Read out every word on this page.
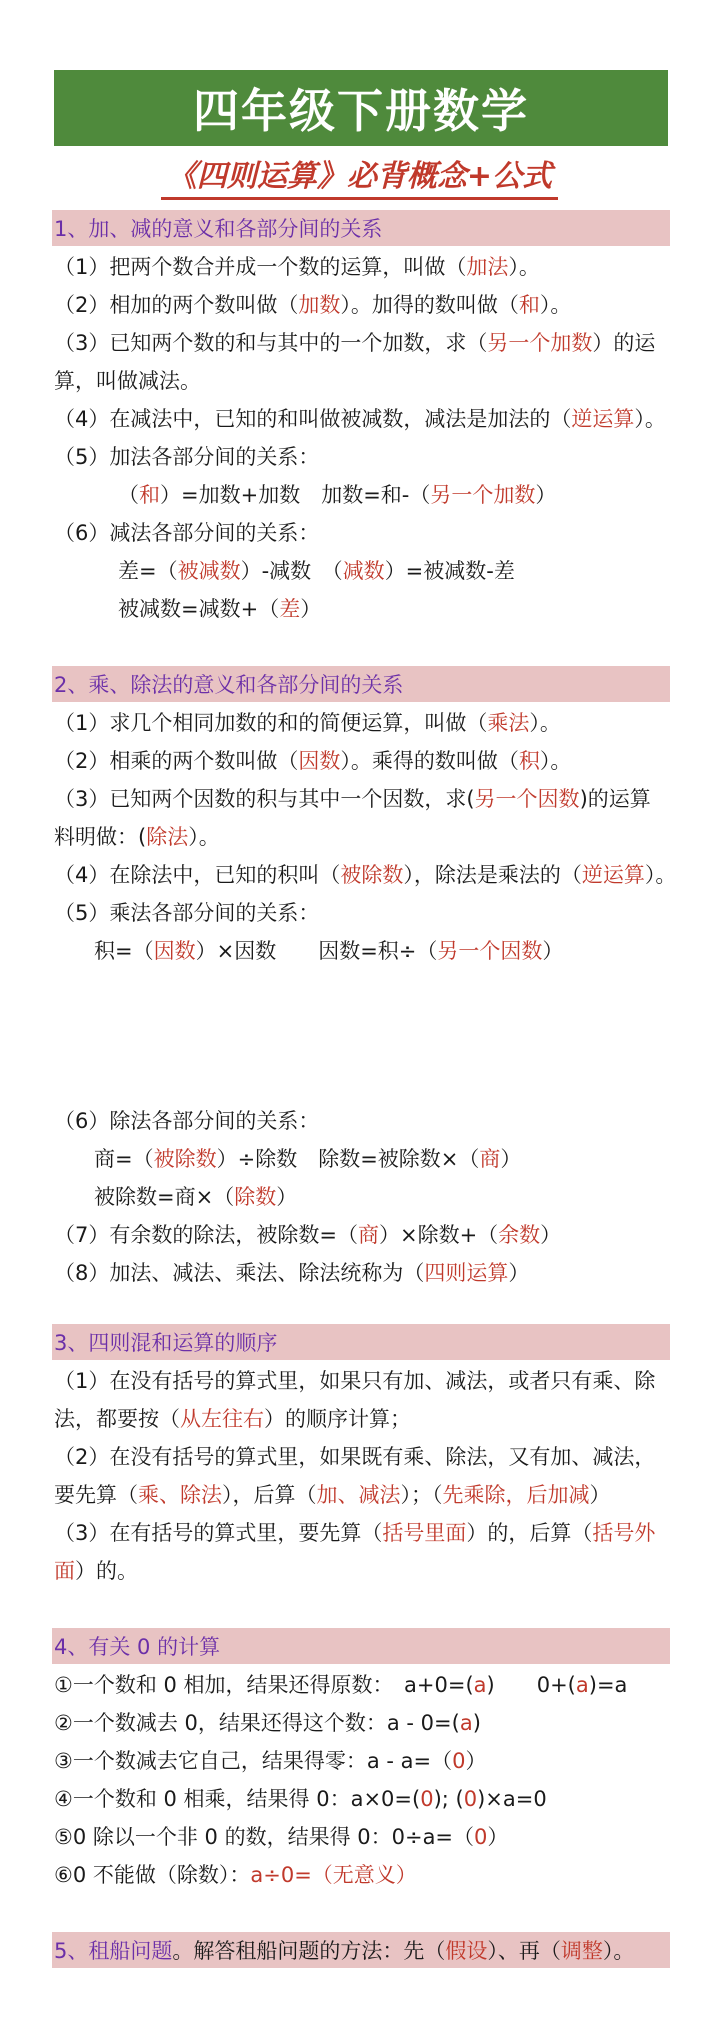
四年级下册数学
《四则运算》必背概念+公式
1、加、减的意义和各部分间的关系
（1）把两个数合并成一个数的运算，叫做（加法）。
（2）相加的两个数叫做（加数）。加得的数叫做（和）。
（3）已知两个数的和与其中的一个加数，求（另一个加数）的运
算，叫做减法。
（4）在减法中，已知的和叫做被减数，减法是加法的（逆运算）。
（5）加法各部分间的关系：
（和）=加数+加数　加数=和-（另一个加数）
（6）减法各部分间的关系：
差=（被减数）-减数　（减数）=被减数-差
被减数=减数+（差）
2、乘、除法的意义和各部分间的关系
（1）求几个相同加数的和的简便运算，叫做（乘法）。
（2）相乘的两个数叫做（因数）。乘得的数叫做（积）。
（3）已知两个因数的积与其中一个因数，求(另一个因数)的运算
料明做：(除法）。
（4）在除法中，已知的积叫（被除数），除法是乘法的（逆运算）。
（5）乘法各部分间的关系：
积=（因数）×因数　　因数=积÷（另一个因数）
（6）除法各部分间的关系：
商=（被除数）÷除数　除数=被除数×（商）
被除数=商×（除数）
（7）有余数的除法，被除数=（商）×除数+（余数）
（8）加法、减法、乘法、除法统称为（四则运算）
3、四则混和运算的顺序
（1）在没有括号的算式里，如果只有加、减法，或者只有乘、除
法，都要按（从左往右）的顺序计算；
（2）在没有括号的算式里，如果既有乘、除法，又有加、减法，
要先算（乘、除法），后算（加、减法）；（先乘除，后加减）
（3）在有括号的算式里，要先算（括号里面）的，后算（括号外
面）的。
4、有关 0 的计算
①一个数和 0 相加，结果还得原数：　a+0=(a)　　0+(a)=a
②一个数减去 0，结果还得这个数：a - 0=(a)
③一个数减去它自己，结果得零：a - a=（0）
④一个数和 0 相乘，结果得 0：a×0=(0); (0)×a=0
⑤0 除以一个非 0 的数，结果得 0：0÷a=（0）
⑥0 不能做（除数）：a÷0=（无意义）
5、租船问题 。解答租船问题的方法：先（ 假设 ）、再（ 调整 ）。
